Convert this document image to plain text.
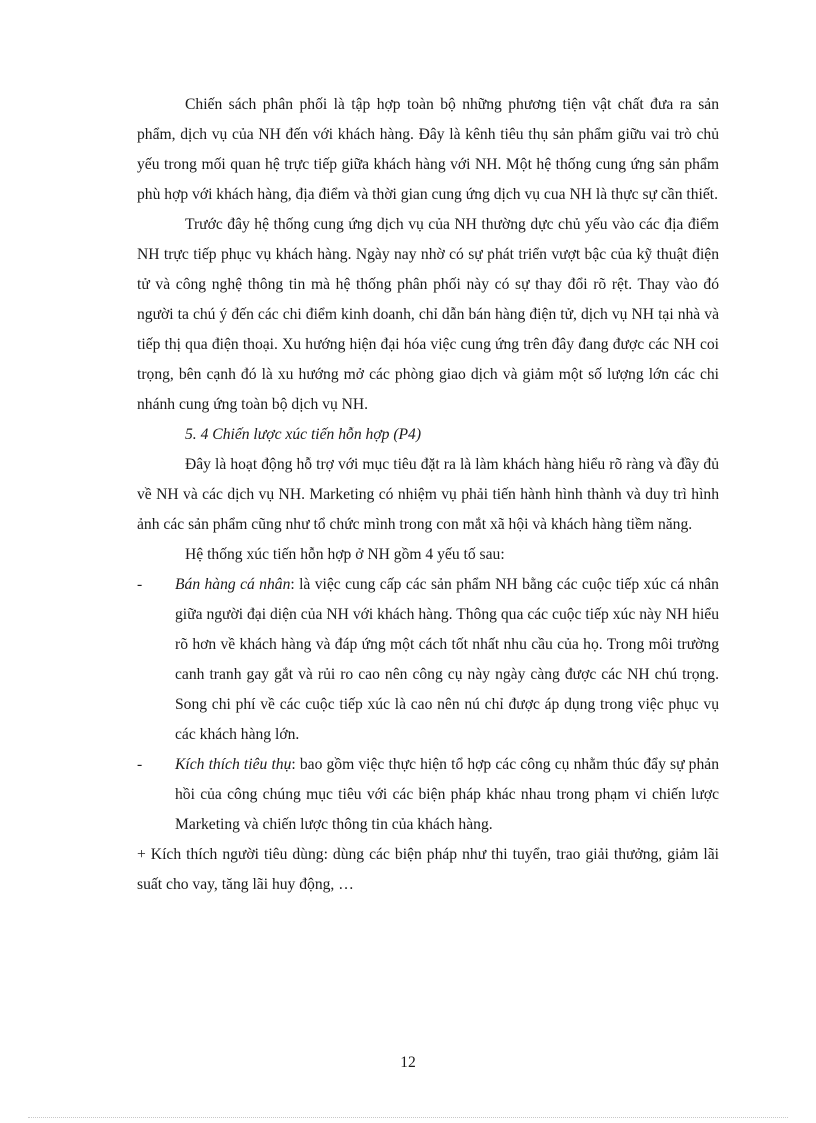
Chiến sách phân phối là tập hợp toàn bộ những phương tiện vật chất đưa ra sản phẩm, dịch vụ của NH đến với khách hàng. Đây là kênh tiêu thụ sản phẩm giữu vai trò chủ yếu trong mối quan hệ trực tiếp giữa khách hàng với NH. Một hệ thống cung ứng sản phẩm phù hợp với khách hàng, địa điểm và thời gian cung ứng dịch vụ cua NH là thực sự cần thiết.

Trước đây hệ thống cung ứng dịch vụ của NH thường dực chủ yếu vào các địa điểm NH trực tiếp phục vụ khách hàng. Ngày nay nhờ có sự phát triển vượt bậc của kỹ thuật điện tử và công nghệ thông tin mà hệ thống phân phối này có sự thay đổi rõ rệt. Thay vào đó người ta chú ý đến các chi điểm kinh doanh, chỉ dẫn bán hàng điện tử, dịch vụ NH tại nhà và tiếp thị qua điện thoại. Xu hướng hiện đại hóa việc cung ứng trên đây đang được các NH coi trọng, bên cạnh đó là xu hướng mở các phòng giao dịch và giảm một số lượng lớn các chi nhánh cung ứng toàn bộ dịch vụ NH.

5. 4 Chiến lược xúc tiến hỗn hợp (P4)

Đây là hoạt động hỗ trợ với mục tiêu đặt ra là làm khách hàng hiểu rõ ràng và đầy đủ về NH và các dịch vụ NH. Marketing có nhiệm vụ phải tiến hành hình thành và duy trì hình ảnh các sản phẩm cũng như tổ chức mình trong con mắt xã hội và khách hàng tiềm năng.

Hệ thống xúc tiến hỗn hợp ở NH gồm 4 yếu tố sau:

-	Bán hàng cá nhân: là việc cung cấp các sản phẩm NH bằng các cuộc tiếp xúc cá nhân giữa người đại diện của NH với khách hàng. Thông qua các cuộc tiếp xúc này NH hiểu rõ hơn về khách hàng và đáp ứng một cách tốt nhất nhu cầu của họ. Trong môi trường canh tranh gay gắt và rủi ro cao nên công cụ này ngày càng được các NH chú trọng. Song chi phí về các cuộc tiếp xúc là cao nên nú chỉ được áp dụng trong việc phục vụ các khách hàng lớn.

-	Kích thích tiêu thụ: bao gồm việc thực hiện tổ hợp các công cụ nhằm thúc đẩy sự phản hồi của công chúng mục tiêu với các biện pháp khác nhau trong phạm vi chiến lược Marketing và chiến lược thông tin của khách hàng.

+ Kích thích người tiêu dùng: dùng các biện pháp như thi tuyển, trao giải thưởng, giảm lãi suất cho vay, tăng lãi huy động, …

12
